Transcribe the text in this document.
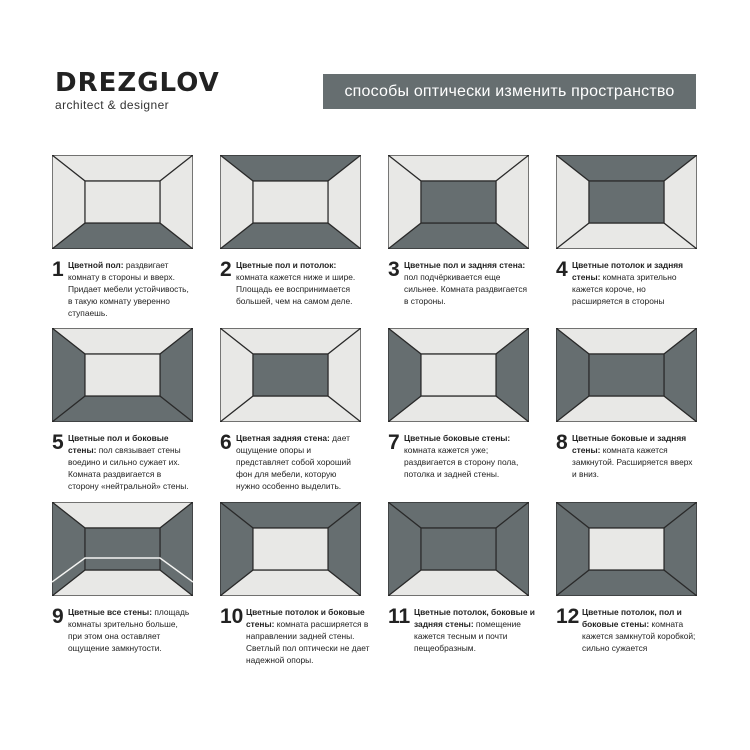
DREZGLOV
architect & designer
способы оптически изменить пространство
1 Цветной пол: раздвигает комнату в стороны и вверх. Придает мебели устойчивость, в такую комнату уверенно ступаешь.

2 Цветные пол и потолок: комната кажется ниже и шире. Площадь ее воспринимается большей, чем на самом деле.

3 Цветные пол и задняя стена: пол подчёркивается еще сильнее. Комната раздвигается в стороны.

4 Цветные потолок и задняя стены: комната зрительно кажется короче, но расширяется в стороны

5 Цветные пол и боковые стены: пол связывает стены воедино и сильно сужает их. Комната раздвигается в сторону «нейтральной» стены.

6 Цветная задняя стена: дает ощущение опоры и представляет собой хороший фон для мебели, которую нужно особенно выделить.

7 Цветные боковые стены: комната кажется уже; раздвигается в сторону пола, потолка и задней стены.

8 Цветные боковые и задняя стены: комната кажется замкнутой. Расширяется вверх и вниз.

9 Цветные все стены: площадь комнаты зрительно больше, при этом она оставляет ощущение замкнутости.

10 Цветные потолок и боковые стены: комната расширяется в направлении задней стены. Светлый пол оптически не дает надежной опоры.

11 Цветные потолок, боковые и задняя стены: помещение кажется тесным и почти пещеобразным.

12 Цветные потолок, пол и боковые стены: комната кажется замкнутой коробкой; сильно сужается
